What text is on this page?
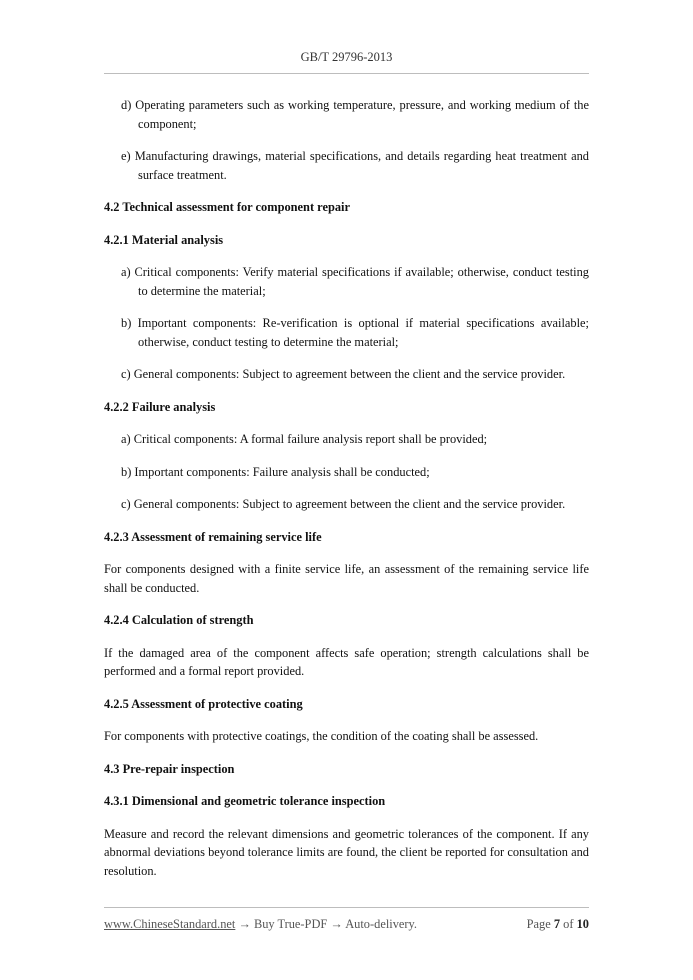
GB/T 29796-2013

d) Operating parameters such as working temperature, pressure, and working medium of the component;

e) Manufacturing drawings, material specifications, and details regarding heat treatment and surface treatment.

4.2 Technical assessment for component repair

4.2.1 Material analysis

a) Critical components: Verify material specifications if available; otherwise, conduct testing to determine the material;

b) Important components: Re-verification is optional if material specifications available; otherwise, conduct testing to determine the material;

c) General components: Subject to agreement between the client and the service provider.

4.2.2 Failure analysis

a) Critical components: A formal failure analysis report shall be provided;

b) Important components: Failure analysis shall be conducted;

c) General components: Subject to agreement between the client and the service provider.

4.2.3 Assessment of remaining service life

For components designed with a finite service life, an assessment of the remaining service life shall be conducted.

4.2.4 Calculation of strength

If the damaged area of the component affects safe operation; strength calculations shall be performed and a formal report provided.

4.2.5 Assessment of protective coating

For components with protective coatings, the condition of the coating shall be assessed.

4.3 Pre-repair inspection

4.3.1 Dimensional and geometric tolerance inspection

Measure and record the relevant dimensions and geometric tolerances of the component. If any abnormal deviations beyond tolerance limits are found, the client be reported for consultation and resolution.

www.ChineseStandard.net → Buy True-PDF → Auto-delivery.	Page 7 of 10
